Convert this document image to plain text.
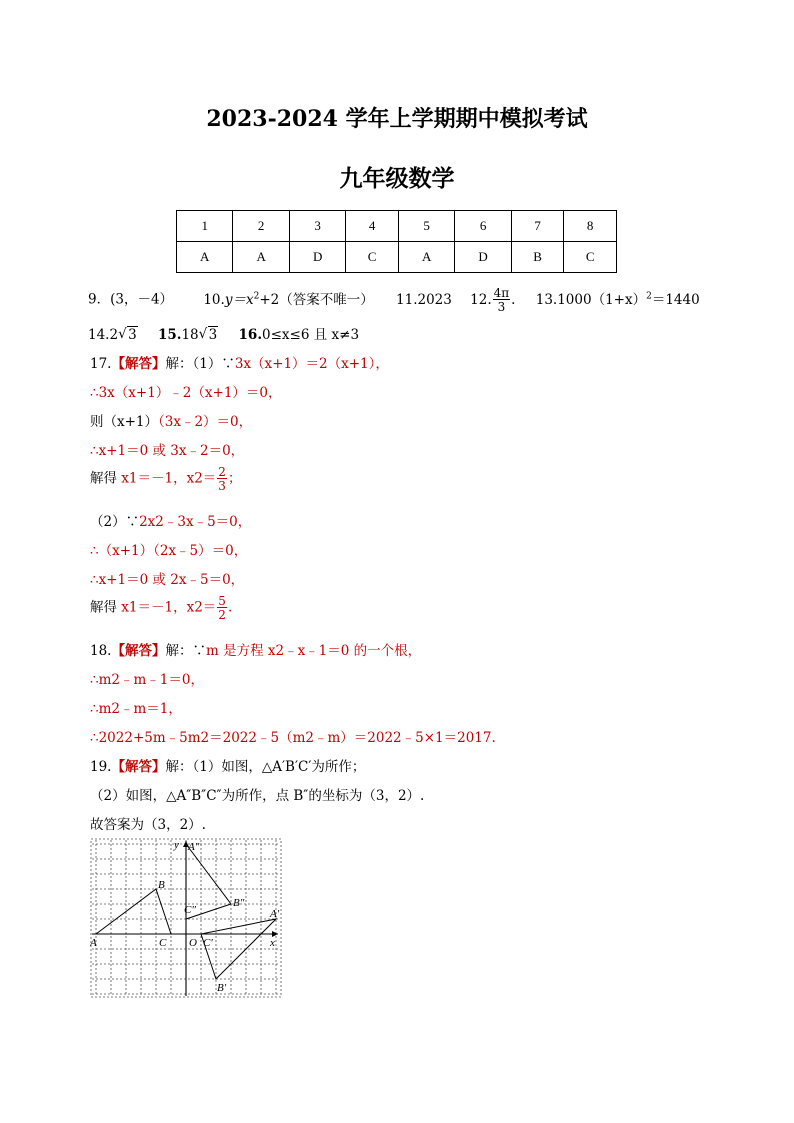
2023-2024 学年上学期期中模拟考试
九年级数学
1	2	3	4	5	6	7	8
A	A	D	C	A	D	B	C
9．(3，－4） $10.y=x^2+2$（答案不唯一） 11.2023 12. $\frac{4\pi}{3}$ . $13.1000(1+x)^2=1440$
14.2 √ 3 15.18 √ 3 16.0≤x≤6 且 x≠3
17.【解答】解：（1）∵3x（x+1）＝2（x+1），
∴3x（x+1）﹣2（x+1）＝0，
则（x+1）（3x﹣2）＝0，
∴x+1＝0 或 3x﹣2＝0，
解得 x1＝－1，$x2= \frac{2}{3}$ ；
（2）∵2x2﹣3x﹣5＝0，
∴（x+1）（2x﹣5）＝0，
∴x+1＝0 或 2x﹣5＝0，
解得 x1＝－1，$x2= \frac{5}{2}$ .
18.【解答】解：∵m 是方程 x2﹣x﹣1＝0 的一个根，
∴m2﹣m﹣1＝0，
∴m2﹣m＝1，
∴2022+5m﹣5m2＝2022﹣5（m2﹣m）＝2022﹣5×1＝2017.
19.【解答】解：（1）如图，△A′B′C′为所作；
（2）如图，△A″B″C″为所作，点 B″的坐标为（3，2）.
故答案为（3，2）.
y
x
A
B
C O C′
A′
B′
A″
B″
C″
